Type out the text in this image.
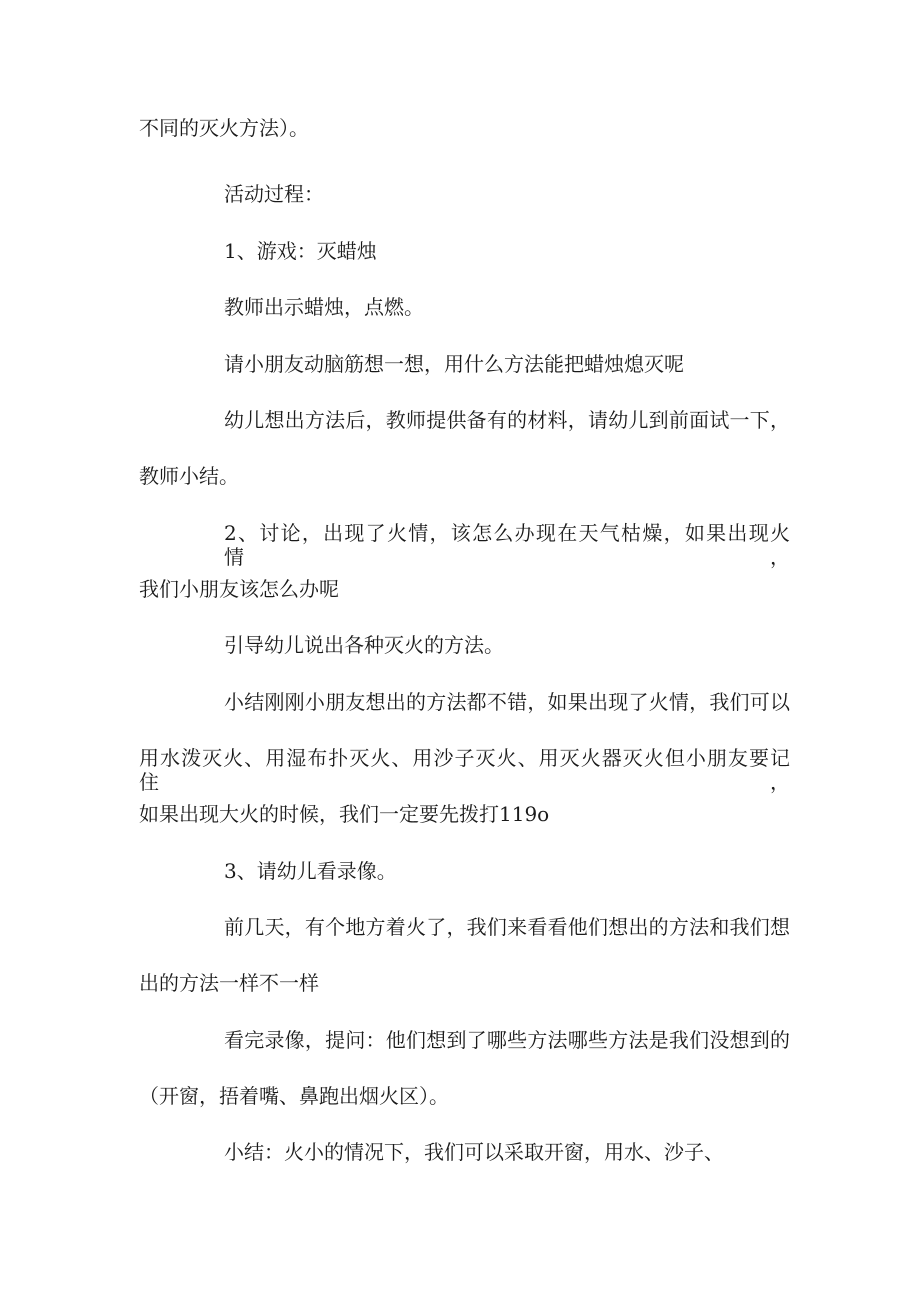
不同的灭火方法）。

活动过程：

1、游戏：灭蜡烛

教师出示蜡烛，点燃。

请小朋友动脑筋想一想，用什么方法能把蜡烛熄灭呢

幼儿想出方法后，教师提供备有的材料，请幼儿到前面试一下，

教师小结。

2、讨论，出现了火情，该怎么办现在天气枯燥，如果出现火情，

我们小朋友该怎么办呢

引导幼儿说出各种灭火的方法。

小结刚刚小朋友想出的方法都不错，如果出现了火情，我们可以

用水泼灭火、用湿布扑灭火、用沙子灭火、用灭火器灭火但小朋友要记住，

如果出现大火的时候，我们一定要先拨打119o

3、请幼儿看录像。

前几天，有个地方着火了，我们来看看他们想出的方法和我们想

出的方法一样不一样

看完录像，提问：他们想到了哪些方法哪些方法是我们没想到的

（开窗，捂着嘴、鼻跑出烟火区）。

小结：火小的情况下，我们可以采取开窗，用水、沙子、
